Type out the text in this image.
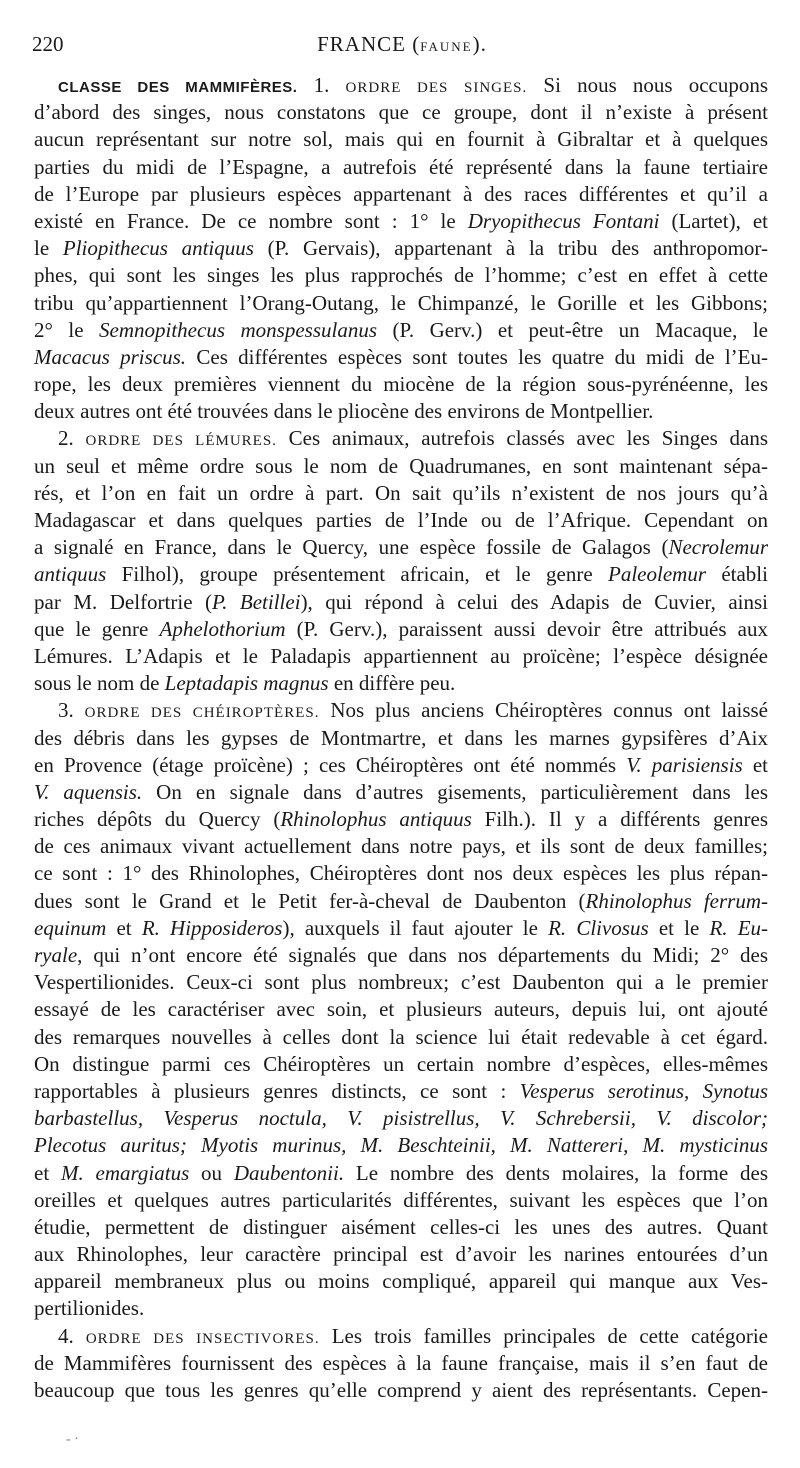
220	FRANCE (FAUNE).
CLASSE DES MAMMIFÈRES. 1. ORDRE DES SINGES. Si nous nous occupons
d’abord des singes, nous constatons que ce groupe, dont il n’existe à présent
aucun représentant sur notre sol, mais qui en fournit à Gibraltar et à quelques
parties du midi de l’Espagne, a autrefois été représenté dans la faune tertiaire
de l’Europe par plusieurs espèces appartenant à des races différentes et qu’il a
existé en France. De ce nombre sont : 1° le Dryopithecus Fontani (Lartet), et
le Pliopithecus antiquus (P. Gervais), appartenant à la tribu des anthropomor-
phes, qui sont les singes les plus rapprochés de l’homme; c’est en effet à cette
tribu qu’appartiennent l’Orang-Outang, le Chimpanzé, le Gorille et les Gibbons;
2° le Semnopithecus monspessulanus (P. Gerv.) et peut-être un Macaque, le
Macacus priscus. Ces différentes espèces sont toutes les quatre du midi de l’Eu-
rope, les deux premières viennent du miocène de la région sous-pyrénéenne, les
deux autres ont été trouvées dans le pliocène des environs de Montpellier.
2. ORDRE DES LÉMURES. Ces animaux, autrefois classés avec les Singes dans
un seul et même ordre sous le nom de Quadrumanes, en sont maintenant sépa-
rés, et l’on en fait un ordre à part. On sait qu’ils n’existent de nos jours qu’à
Madagascar et dans quelques parties de l’Inde ou de l’Afrique. Cependant on
a signalé en France, dans le Quercy, une espèce fossile de Galagos (Necrolemur
antiquus Filhol), groupe présentement africain, et le genre Paleolemur établi
par M. Delfortrie (P. Betillei), qui répond à celui des Adapis de Cuvier, ainsi
que le genre Aphelothorium (P. Gerv.), paraissent aussi devoir être attribués aux
Lémures. L’Adapis et le Paladapis appartiennent au proïcène; l’espèce désignée
sous le nom de Leptadapis magnus en diffère peu.
3. ORDRE DES CHÉIROPTÈRES. Nos plus anciens Chéiroptères connus ont laissé
des débris dans les gypses de Montmartre, et dans les marnes gypsifères d’Aix
en Provence (étage proïcène) ; ces Chéiroptères ont été nommés V. parisiensis et
V. aquensis. On en signale dans d’autres gisements, particulièrement dans les
riches dépôts du Quercy (Rhinolophus antiquus Filh.). Il y a différents genres
de ces animaux vivant actuellement dans notre pays, et ils sont de deux familles;
ce sont : 1° des Rhinolophes, Chéiroptères dont nos deux espèces les plus répan-
dues sont le Grand et le Petit fer-à-cheval de Daubenton (Rhinolophus ferrum-
equinum et R. Hipposideros), auxquels il faut ajouter le R. Clivosus et le R. Eu-
ryale, qui n’ont encore été signalés que dans nos départements du Midi; 2° des
Vespertilionides. Ceux-ci sont plus nombreux; c’est Daubenton qui a le premier
essayé de les caractériser avec soin, et plusieurs auteurs, depuis lui, ont ajouté
des remarques nouvelles à celles dont la science lui était redevable à cet égard.
On distingue parmi ces Chéiroptères un certain nombre d’espèces, elles-mêmes
rapportables à plusieurs genres distincts, ce sont : Vesperus serotinus, Synotus
barbastellus, Vesperus noctula, V. pisistrellus, V. Schrebersii, V. discolor;
Plecotus auritus; Myotis murinus, M. Beschteinii, M. Nattereri, M. mysticinus
et M. emargiatus ou Daubentonii. Le nombre des dents molaires, la forme des
oreilles et quelques autres particularités différentes, suivant les espèces que l’on
étudie, permettent de distinguer aisément celles-ci les unes des autres. Quant
aux Rhinolophes, leur caractère principal est d’avoir les narines entourées d’un
appareil membraneux plus ou moins compliqué, appareil qui manque aux Ves-
pertilionides.
4. ORDRE DES INSECTIVORES. Les trois familles principales de cette catégorie
de Mammifères fournissent des espèces à la faune française, mais il s’en faut de
beaucoup que tous les genres qu’elle comprend y aient des représentants. Cepen-
- ·
